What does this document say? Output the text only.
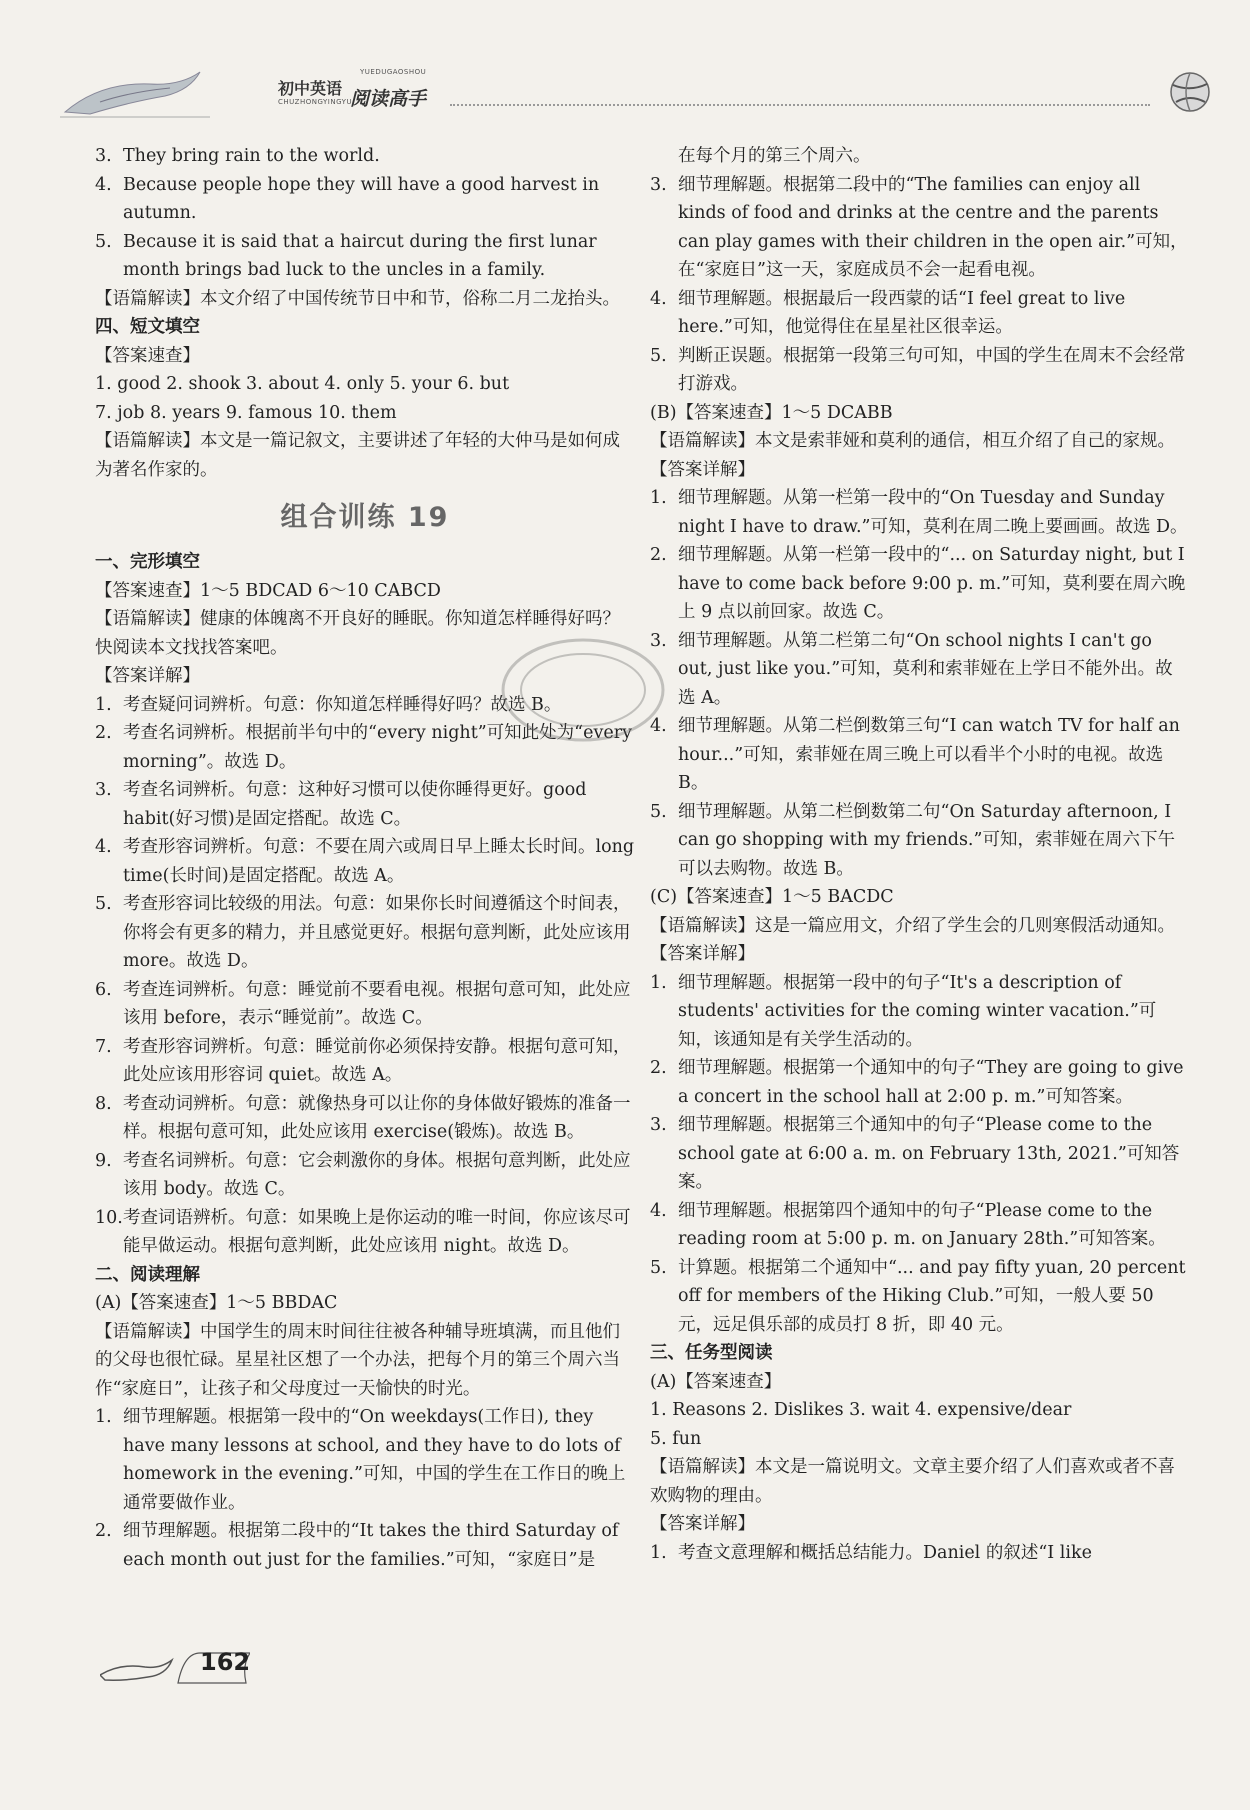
YUEDUGAOSHOU
初中英语
CHUZHONGYINGYU
阅读高手
3. They bring rain to the world.
4. Because people hope they will have a good harvest in autumn.
5. Because it is said that a haircut during the first lunar month brings bad luck to the uncles in a family.
【语篇解读】本文介绍了中国传统节日中和节，俗称二月二龙抬头。
四、短文填空
【答案速查】
1. good 2. shook 3. about 4. only 5. your 6. but
7. job 8. years 9. famous 10. them
【语篇解读】本文是一篇记叙文，主要讲述了年轻的大仲马是如何成为著名作家的。
组合训练 19
一、完形填空
【答案速查】1～5 BDCAD 6～10 CABCD
【语篇解读】健康的体魄离不开良好的睡眠。你知道怎样睡得好吗？快阅读本文找找答案吧。
【答案详解】
1. 考查疑问词辨析。句意：你知道怎样睡得好吗？故选 B。
2. 考查名词辨析。根据前半句中的“every night”可知此处为“every morning”。故选 D。
3. 考查名词辨析。句意：这种好习惯可以使你睡得更好。good habit(好习惯)是固定搭配。故选 C。
4. 考查形容词辨析。句意：不要在周六或周日早上睡太长时间。long time(长时间)是固定搭配。故选 A。
5. 考查形容词比较级的用法。句意：如果你长时间遵循这个时间表，你将会有更多的精力，并且感觉更好。根据句意判断，此处应该用 more。故选 D。
6. 考查连词辨析。句意：睡觉前不要看电视。根据句意可知，此处应该用 before，表示“睡觉前”。故选 C。
7. 考查形容词辨析。句意：睡觉前你必须保持安静。根据句意可知，此处应该用形容词 quiet。故选 A。
8. 考查动词辨析。句意：就像热身可以让你的身体做好锻炼的准备一样。根据句意可知，此处应该用 exercise(锻炼)。故选 B。
9. 考查名词辨析。句意：它会刺激你的身体。根据句意判断，此处应该用 body。故选 C。
10.考查词语辨析。句意：如果晚上是你运动的唯一时间，你应该尽可能早做运动。根据句意判断，此处应该用 night。故选 D。
二、阅读理解
(A)【答案速查】1～5 BBDAC
【语篇解读】中国学生的周末时间往往被各种辅导班填满，而且他们的父母也很忙碌。星星社区想了一个办法，把每个月的第三个周六当作“家庭日”，让孩子和父母度过一天愉快的时光。
1. 细节理解题。根据第一段中的“On weekdays(工作日), they have many lessons at school, and they have to do lots of homework in the evening.”可知，中国的学生在工作日的晚上通常要做作业。
2. 细节理解题。根据第二段中的“It takes the third Saturday of each month out just for the families.”可知，“家庭日”是
在每个月的第三个周六。
3. 细节理解题。根据第二段中的“The families can enjoy all kinds of food and drinks at the centre and the parents can play games with their children in the open air.”可知，在“家庭日”这一天，家庭成员不会一起看电视。
4. 细节理解题。根据最后一段西蒙的话“I feel great to live here.”可知，他觉得住在星星社区很幸运。
5. 判断正误题。根据第一段第三句可知，中国的学生在周末不会经常打游戏。
(B)【答案速查】1～5 DCABB
【语篇解读】本文是索菲娅和莫利的通信，相互介绍了自己的家规。
【答案详解】
1. 细节理解题。从第一栏第一段中的“On Tuesday and Sunday night I have to draw.”可知，莫利在周二晚上要画画。故选 D。
2. 细节理解题。从第一栏第一段中的“... on Saturday night, but I have to come back before 9:00 p. m.”可知，莫利要在周六晚上 9 点以前回家。故选 C。
3. 细节理解题。从第二栏第二句“On school nights I can't go out, just like you.”可知，莫利和索菲娅在上学日不能外出。故选 A。
4. 细节理解题。从第二栏倒数第三句“I can watch TV for half an hour...”可知，索菲娅在周三晚上可以看半个小时的电视。故选 B。
5. 细节理解题。从第二栏倒数第二句“On Saturday afternoon, I can go shopping with my friends.”可知，索菲娅在周六下午可以去购物。故选 B。
(C)【答案速查】1～5 BACDC
【语篇解读】这是一篇应用文，介绍了学生会的几则寒假活动通知。
【答案详解】
1. 细节理解题。根据第一段中的句子“It's a description of students' activities for the coming winter vacation.”可知，该通知是有关学生活动的。
2. 细节理解题。根据第一个通知中的句子“They are going to give a concert in the school hall at 2:00 p. m.”可知答案。
3. 细节理解题。根据第三个通知中的句子“Please come to the school gate at 6:00 a. m. on February 13th, 2021.”可知答案。
4. 细节理解题。根据第四个通知中的句子“Please come to the reading room at 5:00 p. m. on January 28th.”可知答案。
5. 计算题。根据第二个通知中“... and pay fifty yuan, 20 percent off for members of the Hiking Club.”可知，一般人要 50 元，远足俱乐部的成员打 8 折，即 40 元。
三、任务型阅读
(A)【答案速查】
1. Reasons 2. Dislikes 3. wait 4. expensive/dear
5. fun
【语篇解读】本文是一篇说明文。文章主要介绍了人们喜欢或者不喜欢购物的理由。
【答案详解】
1. 考查文意理解和概括总结能力。Daniel 的叙述“I like
162
